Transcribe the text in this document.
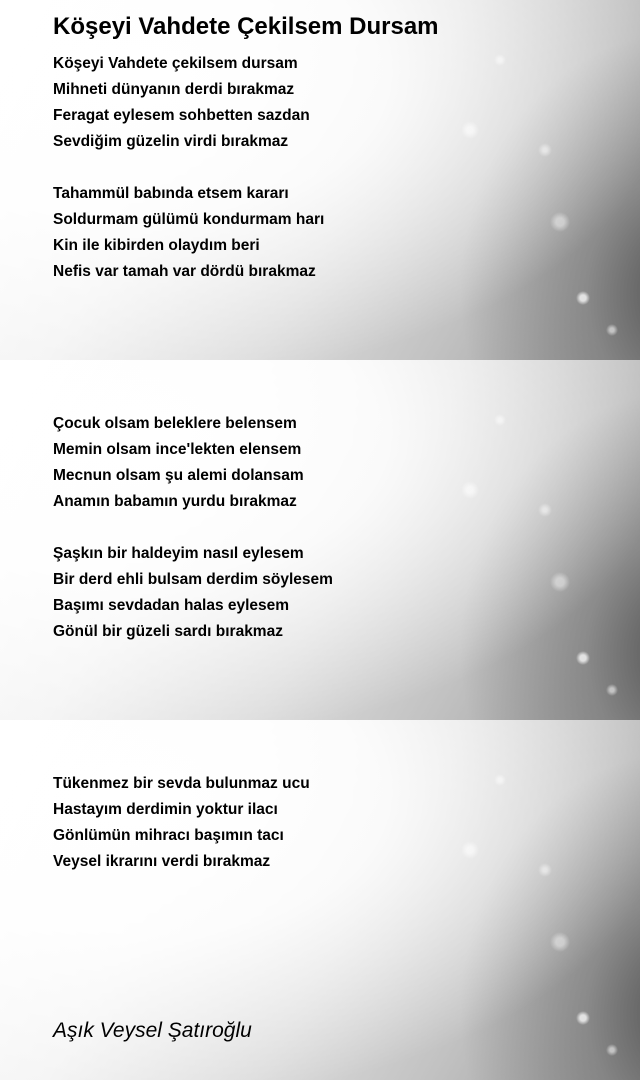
Köşeyi Vahdete Çekilsem Dursam
Köşeyi Vahdete çekilsem dursam
Mihneti dünyanın derdi bırakmaz
Feragat eylesem sohbetten sazdan
Sevdiğim güzelin virdi bırakmaz
Tahammül babında etsem kararı
Soldurmam gülümü kondurmam harı
Kin ile kibirden olaydım beri
Nefis var tamah var dördü bırakmaz
Çocuk olsam beleklere belensem
Memin olsam ince'lekten elensem
Mecnun olsam şu alemi dolansam
Anamın babamın yurdu bırakmaz
Şaşkın bir haldeyim nasıl eylesem
Bir derd ehli bulsam derdim söylesem
Başımı sevdadan halas eylesem
Gönül bir güzeli sardı bırakmaz
Tükenmez bir sevda bulunmaz ucu
Hastayım derdimin yoktur ilacı
Gönlümün mihracı başımın tacı
Veysel ikrarını verdi bırakmaz
Aşık Veysel Şatıroğlu
